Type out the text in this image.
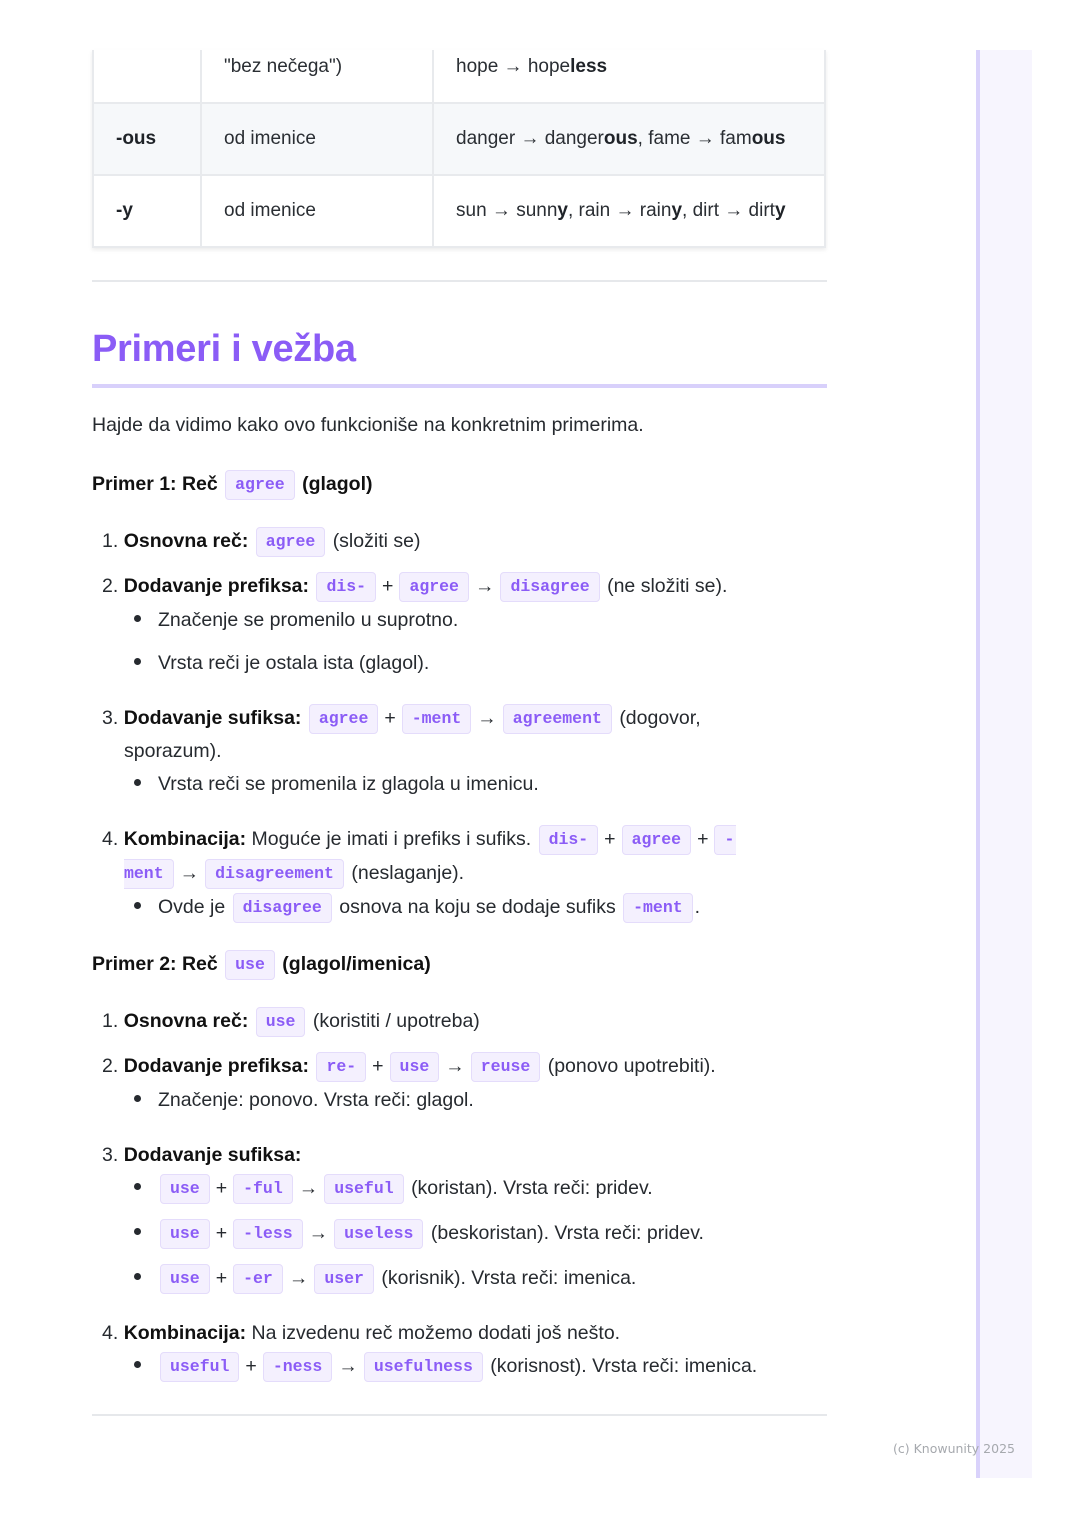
	"bez nečega")	hope → hopeless
-ous	od imenice	danger → dangerous, fame → famous
-y	od imenice	sun → sunny, rain → rainy, dirt → dirty
Primeri i vežba
Hajde da vidimo kako ovo funkcioniše na konkretnim primerima.
Primer 1: Reč agree (glagol)
1. Osnovna reč: agree (složiti se)
2. Dodavanje prefiksa: dis- + agree → disagree (ne složiti se).
Značenje se promenilo u suprotno.
Vrsta reči je ostala ista (glagol).
3. Dodavanje sufiksa: agree + -ment → agreement (dogovor,
sporazum).
Vrsta reči se promenila iz glagola u imenicu.
4. Kombinacija: Moguće je imati i prefiks i sufiks. dis- + agree + -
ment → disagreement (neslaganje).
Ovde je disagree osnova na koju se dodaje sufiks -ment .
Primer 2: Reč use (glagol/imenica)
1. Osnovna reč: use (koristiti / upotreba)
2. Dodavanje prefiksa: re- + use → reuse (ponovo upotrebiti).
Značenje: ponovo. Vrsta reči: glagol.
3. Dodavanje sufiksa:
use + -ful → useful (koristan). Vrsta reči: pridev.
use + -less → useless (beskoristan). Vrsta reči: pridev.
use + -er → user (korisnik). Vrsta reči: imenica.
4. Kombinacija: Na izvedenu reč možemo dodati još nešto.
useful + -ness → usefulness (korisnost). Vrsta reči: imenica.
(c) Knowunity 2025
